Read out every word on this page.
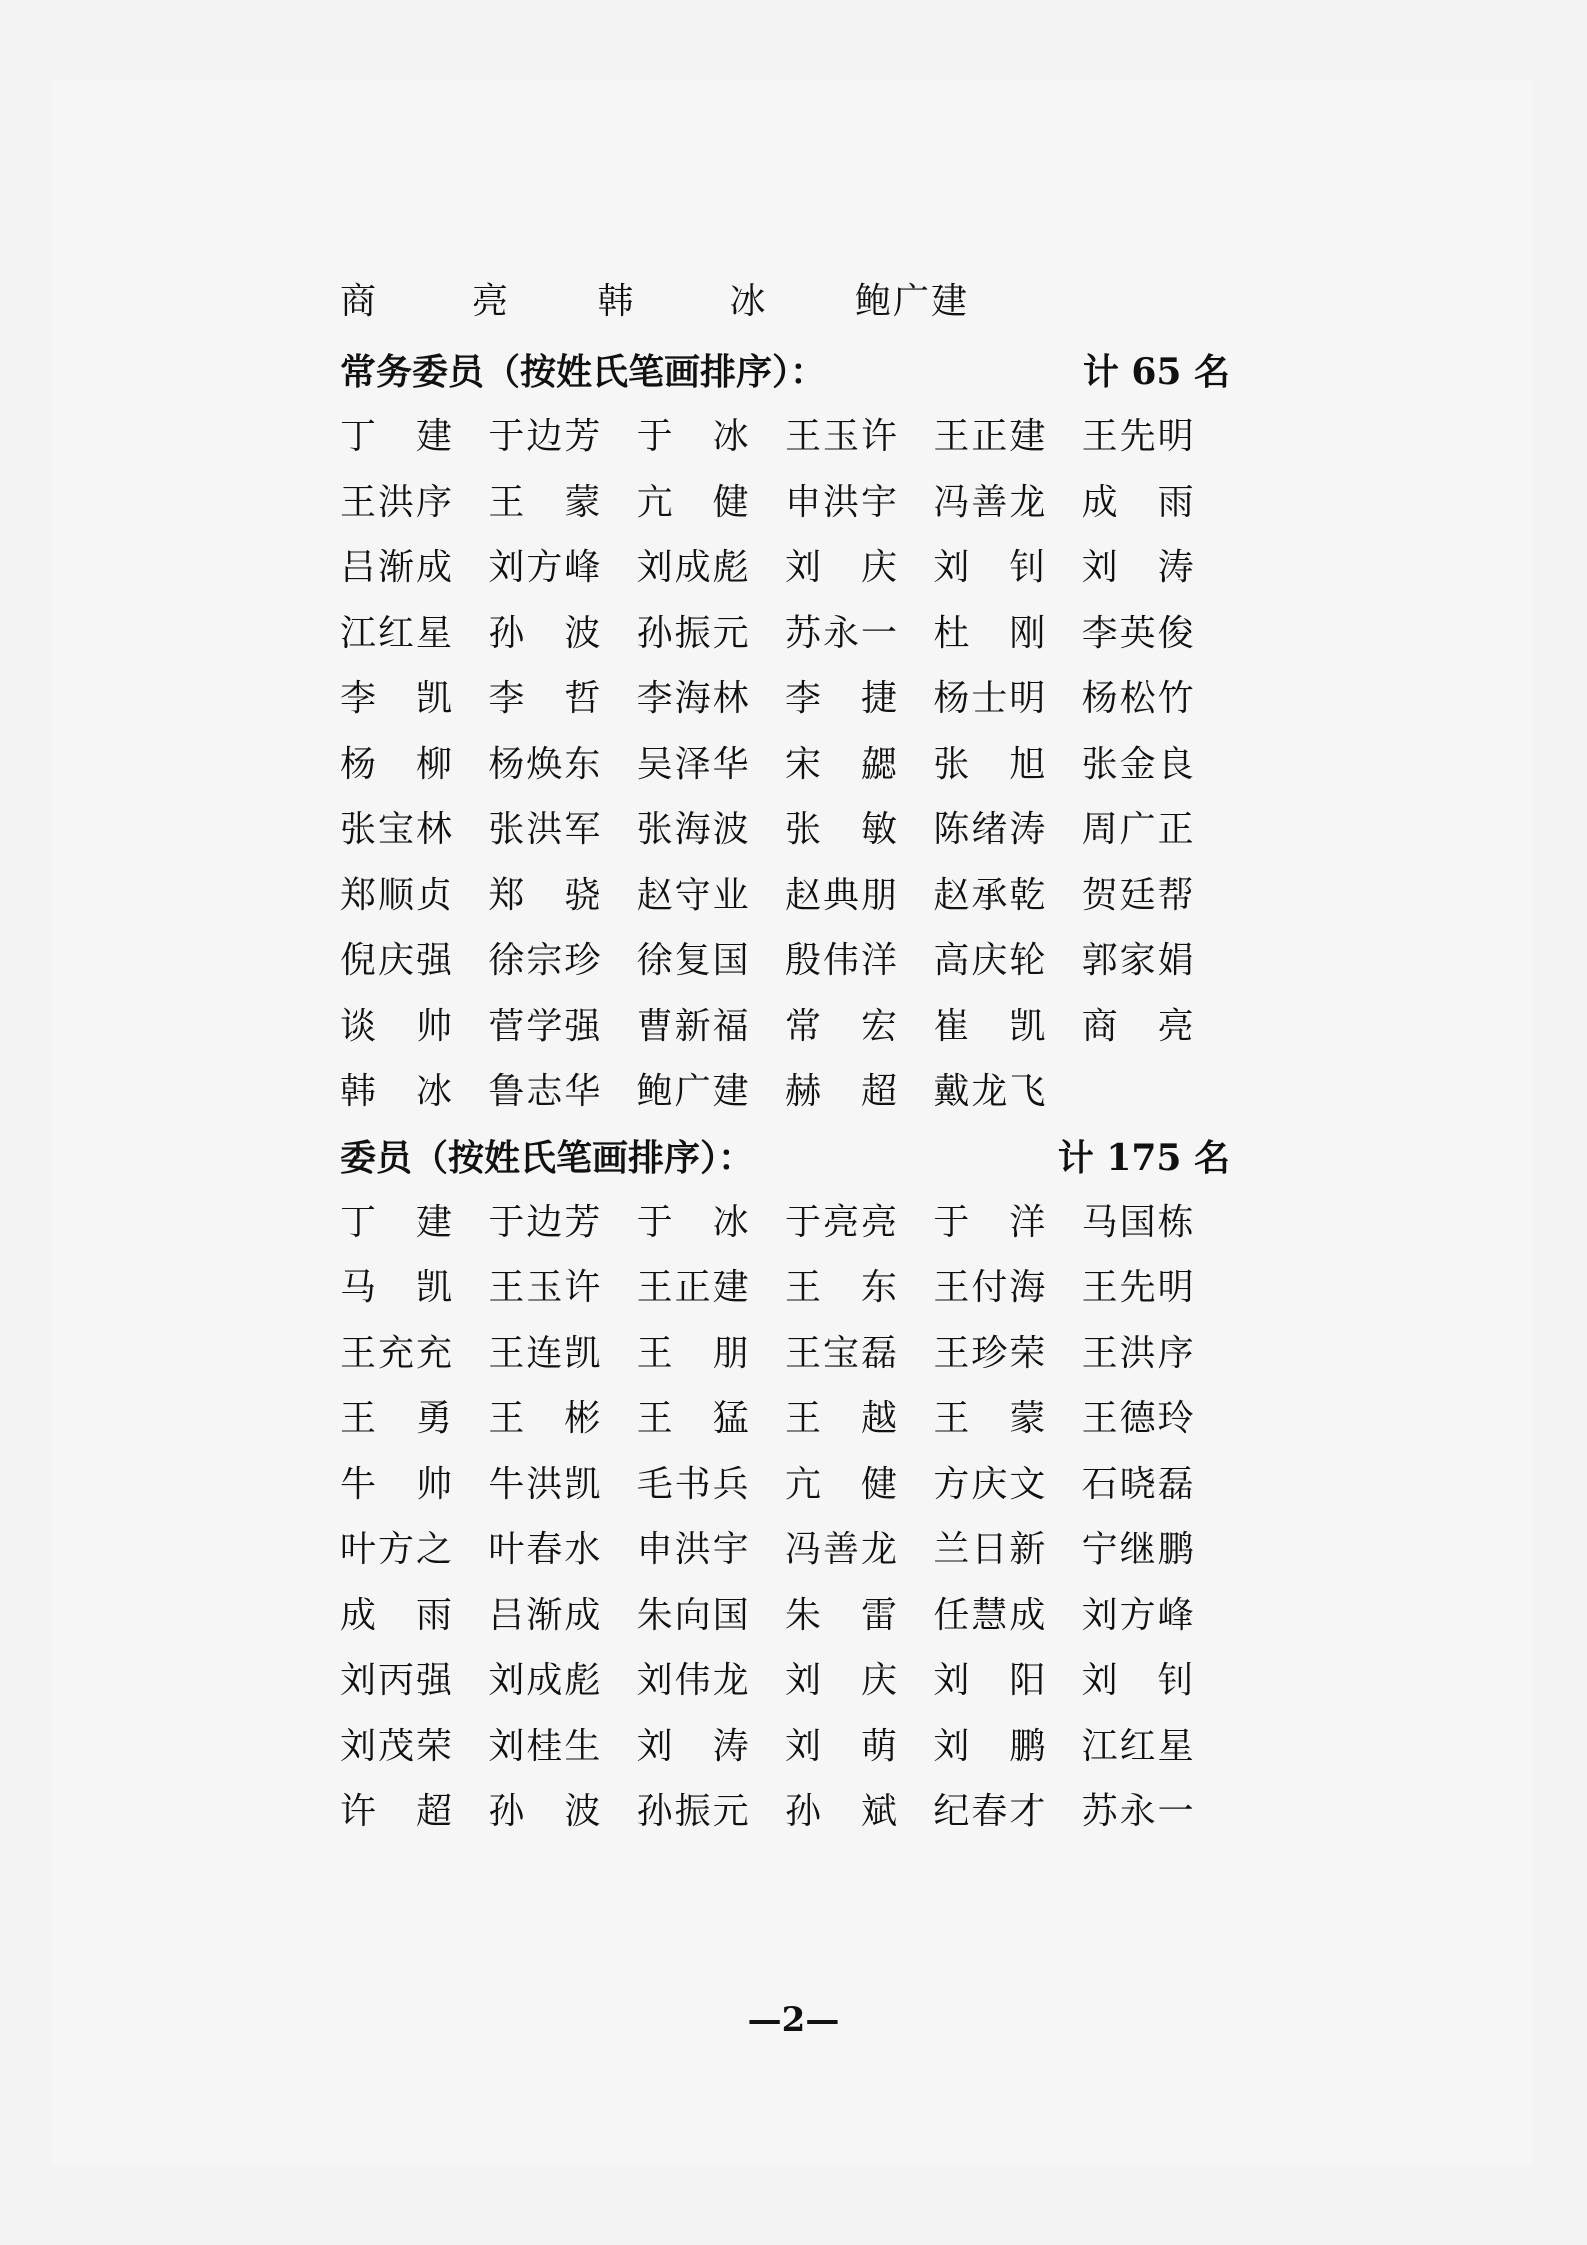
商　亮 韩　冰 鲍广建
常务委员（按姓氏笔画排序）：	计 65 名
丁　建 于边芳 于　冰 王玉许 王正建 王先明
王洪序 王　蒙 亢　健 申洪宇 冯善龙 成　雨
吕渐成 刘方峰 刘成彪 刘　庆 刘　钊 刘　涛
江红星 孙　波 孙振元 苏永一 杜　刚 李英俊
李　凯 李　哲 李海林 李　捷 杨士明 杨松竹
杨　柳 杨焕东 吴泽华 宋　勰 张　旭 张金良
张宝林 张洪军 张海波 张　敏 陈绪涛 周广正
郑顺贞 郑　骁 赵守业 赵典朋 赵承乾 贺廷帮
倪庆强 徐宗珍 徐复国 殷伟洋 高庆轮 郭家娟
谈　帅 菅学强 曹新福 常　宏 崔　凯 商　亮
韩　冰 鲁志华 鲍广建 赫　超 戴龙飞
委员（按姓氏笔画排序）：	计 175 名
丁　建 于边芳 于　冰 于亮亮 于　洋 马国栋
马　凯 王玉许 王正建 王　东 王付海 王先明
王充充 王连凯 王　朋 王宝磊 王珍荣 王洪序
王　勇 王　彬 王　猛 王　越 王　蒙 王德玲
牛　帅 牛洪凯 毛书兵 亢　健 方庆文 石晓磊
叶方之 叶春水 申洪宇 冯善龙 兰日新 宁继鹏
成　雨 吕渐成 朱向国 朱　雷 任慧成 刘方峰
刘丙强 刘成彪 刘伟龙 刘　庆 刘　阳 刘　钊
刘茂荣 刘桂生 刘　涛 刘　萌 刘　鹏 江红星
许　超 孙　波 孙振元 孙　斌 纪春才 苏永一
—2—
